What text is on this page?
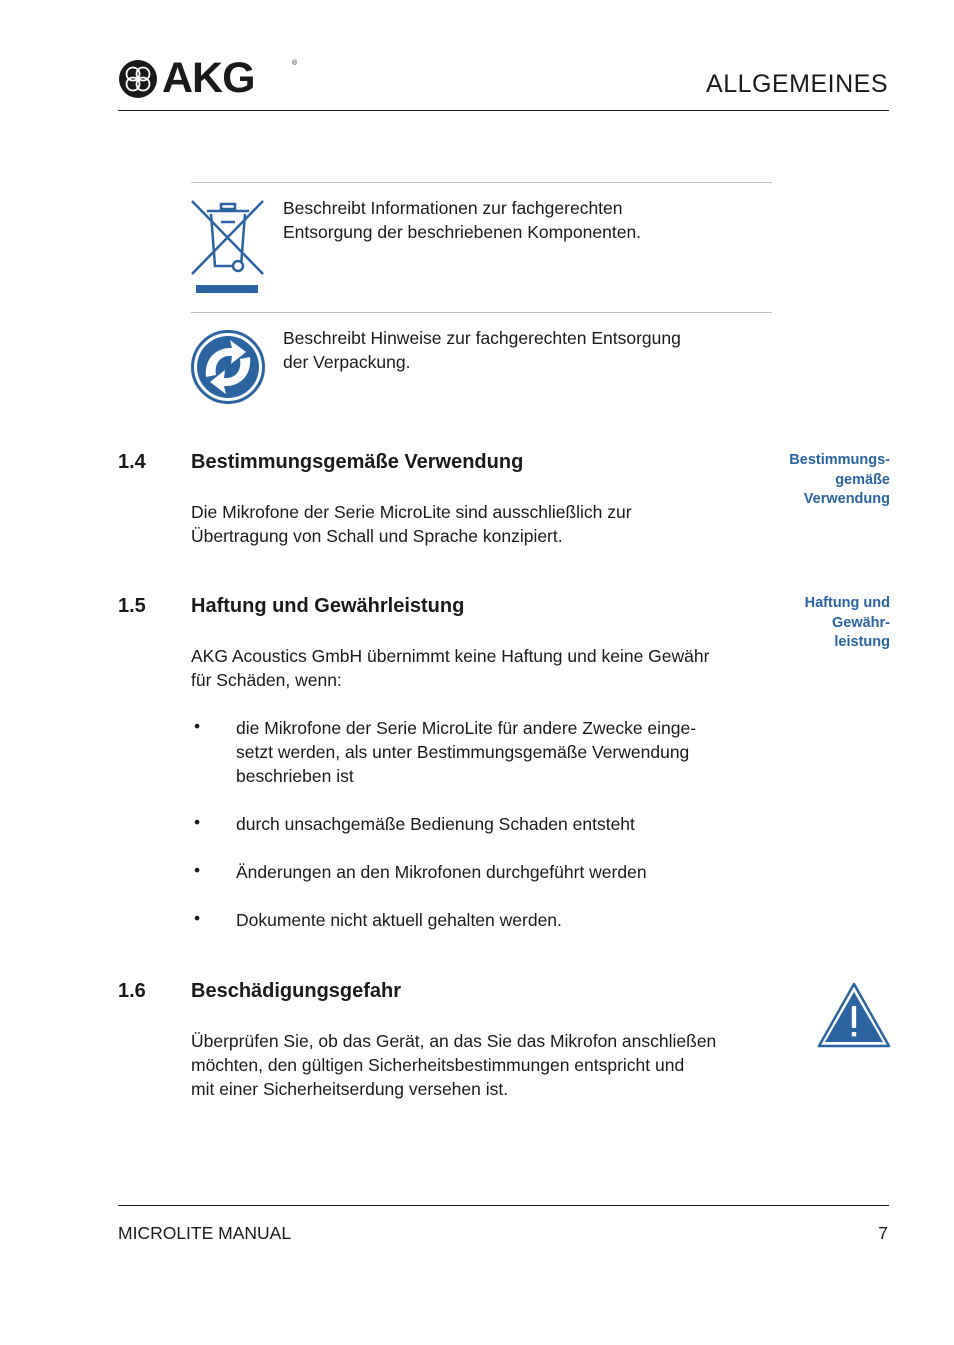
AKG	®
ALLGEMEINES
Beschreibt Informationen zur fachgerechten
Entsorgung der beschriebenen Komponenten.
Beschreibt Hinweise zur fachgerechten Entsorgung
der Verpackung.
1.4 Bestimmungsgemäße Verwendung	Bestimmungs-
gemäße
Verwendung
Die Mikrofone der Serie MicroLite sind ausschließlich zur
Übertragung von Schall und Sprache konzipiert.
1.5 Haftung und Gewährleistung	Haftung und
Gewähr-
leistung
AKG Acoustics GmbH übernimmt keine Haftung und keine Gewähr
für Schäden, wenn:
• die Mikrofone der Serie MicroLite für andere Zwecke einge-
setzt werden, als unter Bestimmungsgemäße Verwendung
beschrieben ist
• durch unsachgemäße Bedienung Schaden entsteht
• Änderungen an den Mikrofonen durchgeführt werden
• Dokumente nicht aktuell gehalten werden.
1.6 Beschädigungsgefahr
Überprüfen Sie, ob das Gerät, an das Sie das Mikrofon anschließen
möchten, den gültigen Sicherheitsbestimmungen entspricht und
mit einer Sicherheitserdung versehen ist.
MICROLITE MANUAL	7
